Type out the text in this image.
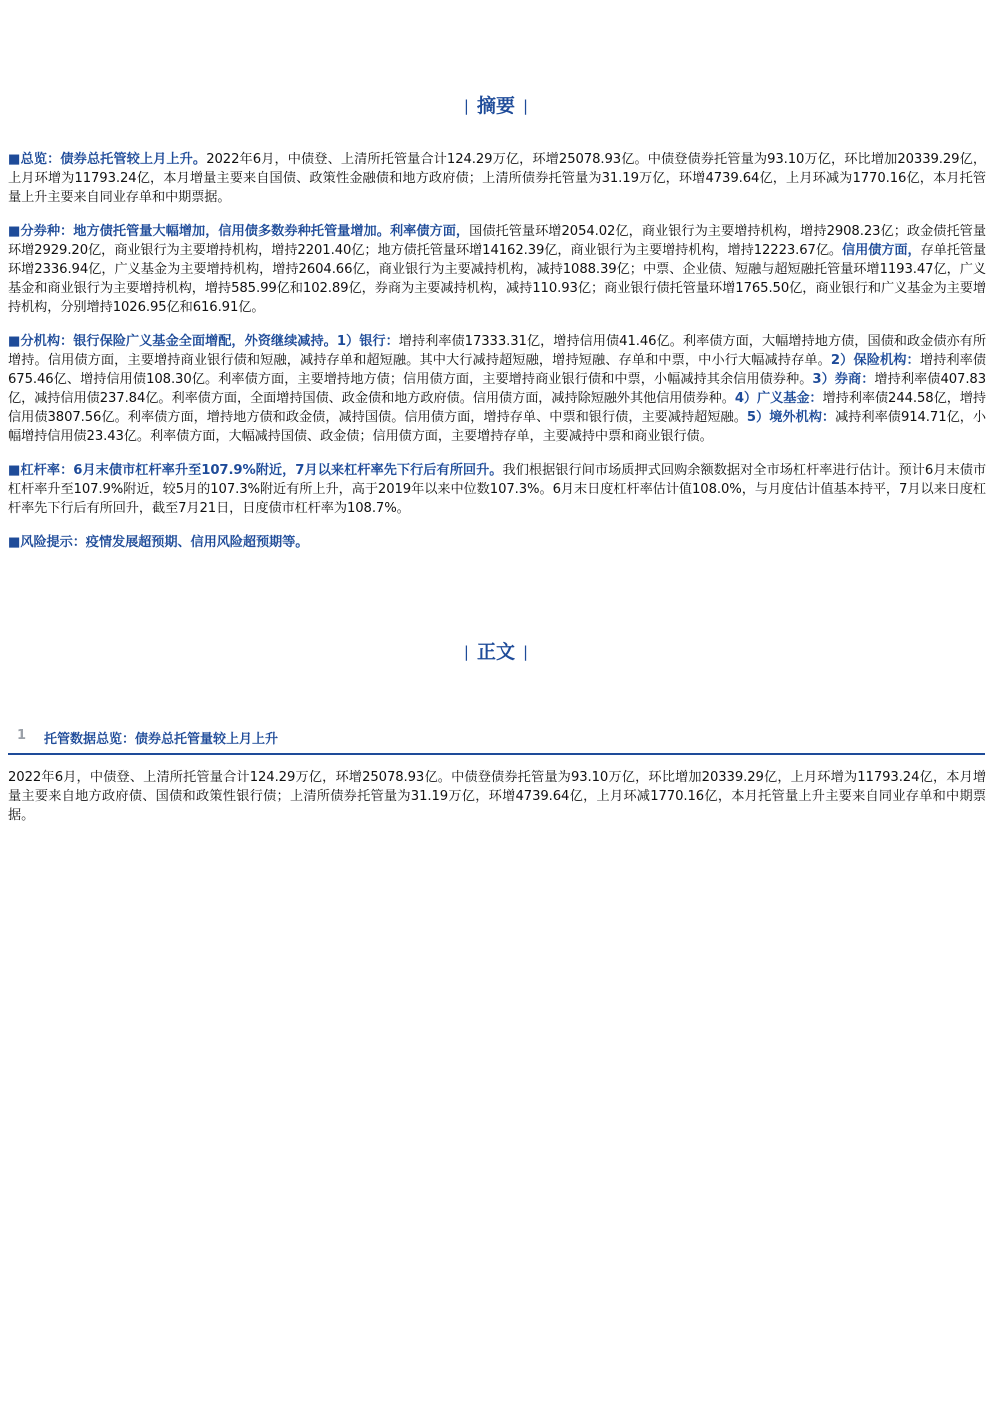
| 摘要 |

■总览：债券总托管较上月上升。2022年6月，中债登、上清所托管量合计124.29万亿，环增25078.93亿。中债登债券托管量为93.10万亿，环比增加20339.29亿，上月环增为11793.24亿，本月增量主要来自国债、政策性金融债和地方政府债；上清所债券托管量为31.19万亿，环增4739.64亿，上月环减为1770.16亿，本月托管量上升主要来自同业存单和中期票据。

■分券种：地方债托管量大幅增加，信用债多数券种托管量增加。利率债方面，国债托管量环增2054.02亿，商业银行为主要增持机构，增持2908.23亿；政金债托管量环增2929.20亿，商业银行为主要增持机构，增持2201.40亿；地方债托管量环增14162.39亿，商业银行为主要增持机构，增持12223.67亿。信用债方面，存单托管量环增2336.94亿，广义基金为主要增持机构，增持2604.66亿，商业银行为主要减持机构，减持1088.39亿；中票、企业债、短融与超短融托管量环增1193.47亿，广义基金和商业银行为主要增持机构，增持585.99亿和102.89亿，券商为主要减持机构，减持110.93亿；商业银行债托管量环增1765.50亿，商业银行和广义基金为主要增持机构，分别增持1026.95亿和616.91亿。

■分机构：银行保险广义基金全面增配，外资继续减持。1）银行：增持利率债17333.31亿，增持信用债41.46亿。利率债方面，大幅增持地方债，国债和政金债亦有所增持。信用债方面，主要增持商业银行债和短融，减持存单和超短融。其中大行减持超短融，增持短融、存单和中票，中小行大幅减持存单。2）保险机构：增持利率债675.46亿、增持信用债108.30亿。利率债方面，主要增持地方债；信用债方面，主要增持商业银行债和中票，小幅减持其余信用债券种。3）券商：增持利率债407.83亿，减持信用债237.84亿。利率债方面，全面增持国债、政金债和地方政府债。信用债方面，减持除短融外其他信用债券种。4）广义基金：增持利率债244.58亿，增持信用债3807.56亿。利率债方面，增持地方债和政金债，减持国债。信用债方面，增持存单、中票和银行债，主要减持超短融。5）境外机构：减持利率债914.71亿，小幅增持信用债23.43亿。利率债方面，大幅减持国债、政金债；信用债方面，主要增持存单，主要减持中票和商业银行债。

■杠杆率：6月末债市杠杆率升至107.9%附近，7月以来杠杆率先下行后有所回升。我们根据银行间市场质押式回购余额数据对全市场杠杆率进行估计。预计6月末债市杠杆率升至107.9%附近，较5月的107.3%附近有所上升，高于2019年以来中位数107.3%。6月末日度杠杆率估计值108.0%，与月度估计值基本持平，7月以来日度杠杆率先下行后有所回升，截至7月21日，日度债市杠杆率为108.7%。

■风险提示：疫情发展超预期、信用风险超预期等。

| 正文 |
1 托管数据总览：债券总托管量较上月上升

2022年6月，中债登、上清所托管量合计124.29万亿，环增25078.93亿。中债登债券托管量为93.10万亿，环比增加20339.29亿，上月环增为11793.24亿，本月增量主要来自地方政府债、国债和政策性银行债；上清所债券托管量为31.19万亿，环增4739.64亿，上月环减1770.16亿，本月托管量上升主要来自同业存单和中期票据。
